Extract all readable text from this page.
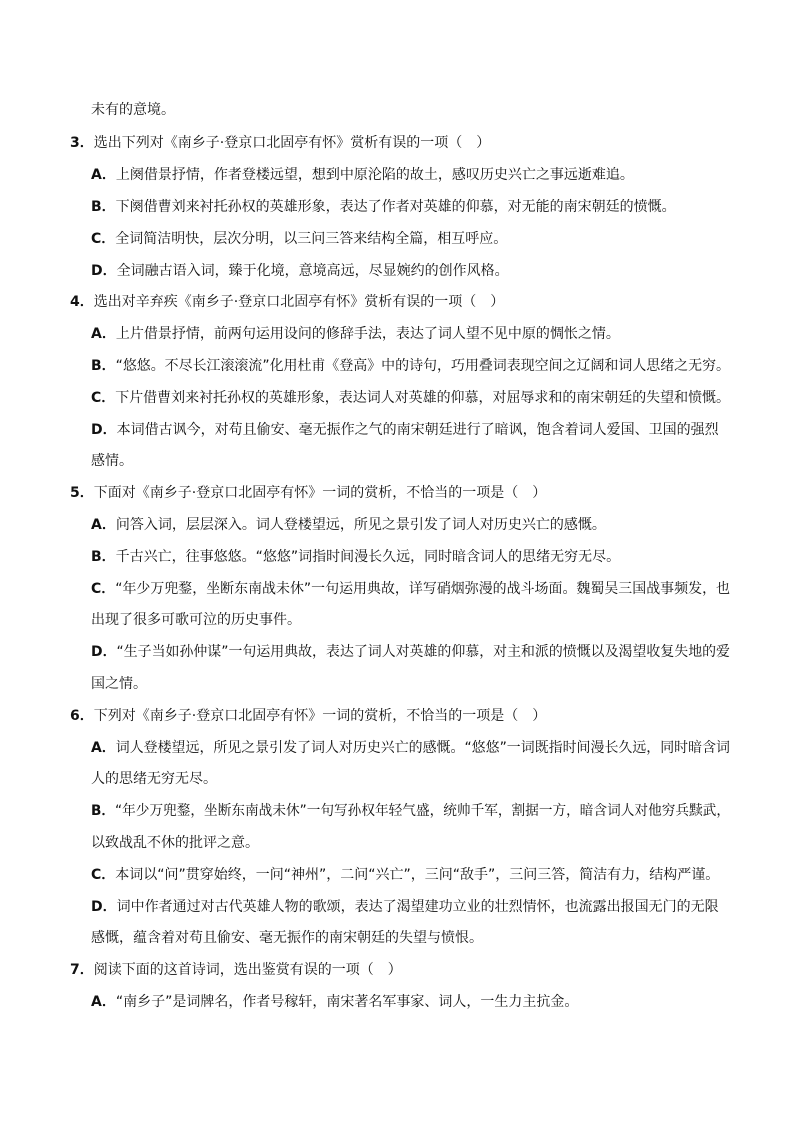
未有的意境。
3．选出下列对《南乡子·登京口北固亭有怀》赏析有误的一项（　）
A．上阕借景抒情，作者登楼远望，想到中原沦陷的故土，感叹历史兴亡之事远逝难追。
B．下阕借曹刘来衬托孙权的英雄形象，表达了作者对英雄的仰慕，对无能的南宋朝廷的愤慨。
C．全词简洁明快，层次分明，以三问三答来结构全篇，相互呼应。
D．全词融古语入词，臻于化境，意境高远，尽显婉约的创作风格。
4．选出对辛弃疾《南乡子·登京口北固亭有怀》赏析有误的一项（　）
A．上片借景抒情，前两句运用设问的修辞手法，表达了词人望不见中原的惆怅之情。
B．“悠悠。不尽长江滚滚流”化用杜甫《登高》中的诗句，巧用叠词表现空间之辽阔和词人思绪之无穷。
C．下片借曹刘来衬托孙权的英雄形象，表达词人对英雄的仰慕，对屈辱求和的南宋朝廷的失望和愤慨。
D．本词借古讽今，对苟且偷安、毫无振作之气的南宋朝廷进行了暗讽，饱含着词人爱国、卫国的强烈
感情。
5．下面对《南乡子·登京口北固亭有怀》一词的赏析，不恰当的一项是（　）
A．问答入词，层层深入。词人登楼望远，所见之景引发了词人对历史兴亡的感慨。
B．千古兴亡，往事悠悠。“悠悠”词指时间漫长久远，同时暗含词人的思绪无穷无尽。
C．“年少万兜鍪，坐断东南战未休”一句运用典故，详写硝烟弥漫的战斗场面。魏蜀吴三国战事频发，也
出现了很多可歌可泣的历史事件。
D．“生子当如孙仲谋”一句运用典故，表达了词人对英雄的仰慕，对主和派的愤慨以及渴望收复失地的爱
国之情。
6．下列对《南乡子·登京口北固亭有怀》一词的赏析，不恰当的一项是（　）
A．词人登楼望远，所见之景引发了词人对历史兴亡的感慨。“悠悠”一词既指时间漫长久远，同时暗含词
人的思绪无穷无尽。
B．“年少万兜鍪，坐断东南战未休”一句写孙权年轻气盛，统帅千军，割据一方，暗含词人对他穷兵黩武，
以致战乱不休的批评之意。
C．本词以“问”贯穿始终，一问“神州”，二问“兴亡”，三问“敌手”，三问三答，简洁有力，结构严谨。
D．词中作者通过对古代英雄人物的歌颂，表达了渴望建功立业的壮烈情怀，也流露出报国无门的无限
感慨，蕴含着对苟且偷安、毫无振作的南宋朝廷的失望与愤恨。
7．阅读下面的这首诗词，选出鉴赏有误的一项（　）
A．“南乡子”是词牌名，作者号稼轩，南宋著名军事家、词人，一生力主抗金。
